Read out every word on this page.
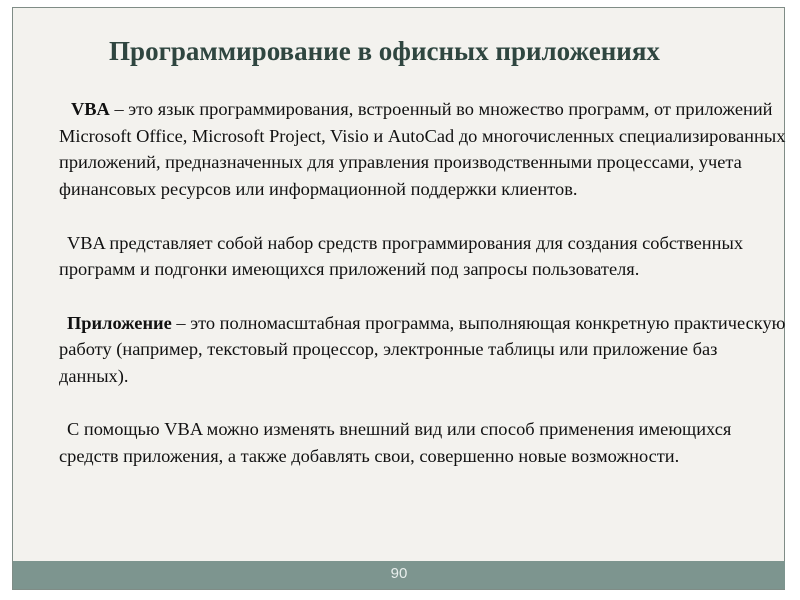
Программирование в офисных приложениях

VBA – это язык программирования, встроенный во множество программ, от приложений Microsoft Office, Microsoft Project, Visio и AutoCad до многочисленных специализированных приложений, предназначенных для управления производственными процессами, учета финансовых ресурсов или информационной поддержки клиентов.

VBA представляет собой набор средств программирования для создания собственных программ и подгонки имеющихся приложений под запросы пользователя.

Приложение – это полномасштабная программа, выполняющая конкретную практическую работу (например, текстовый процессор, электронные таблицы или приложение баз данных).

С помощью VBA можно изменять внешний вид или способ применения имеющихся средств приложения, а также добавлять свои, совершенно новые возможности.

90
